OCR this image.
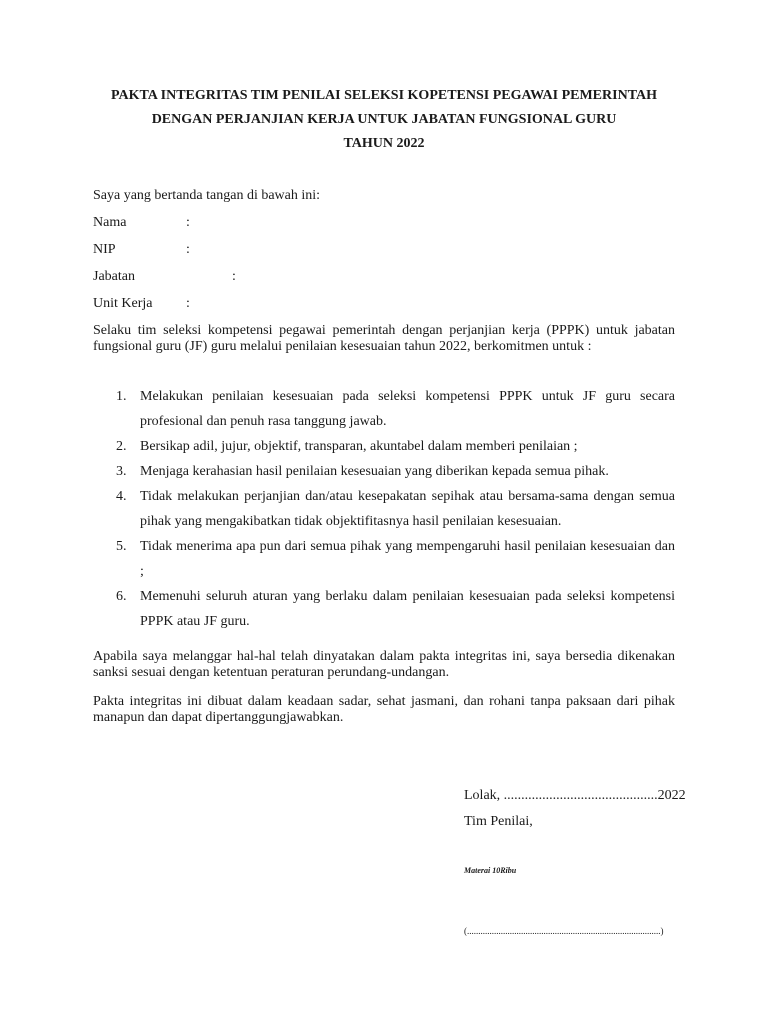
PAKTA INTEGRITAS TIM PENILAI SELEKSI KOPETENSI PEGAWAI PEMERINTAH
DENGAN PERJANJIAN KERJA UNTUK JABATAN FUNGSIONAL GURU
TAHUN 2022
Saya yang bertanda tangan di bawah ini:
Nama	:
NIP	:
Jabatan	:
Unit Kerja :
Selaku tim seleksi kompetensi pegawai pemerintah dengan perjanjian kerja (PPPK) untuk jabatan fungsional guru (JF) guru melalui penilaian kesesuaian tahun 2022, berkomitmen untuk :
1. Melakukan penilaian kesesuaian pada seleksi kompetensi PPPK untuk JF guru secara profesional dan penuh rasa tanggung jawab.
2. Bersikap adil, jujur, objektif, transparan, akuntabel dalam memberi penilaian ;
3. Menjaga kerahasian hasil penilaian kesesuaian yang diberikan kepada semua pihak.
4. Tidak melakukan perjanjian dan/atau kesepakatan sepihak atau bersama-sama dengan semua pihak yang mengakibatkan tidak objektifitasnya hasil penilaian kesesuaian.
5. Tidak menerima apa pun dari semua pihak yang mempengaruhi hasil penilaian kesesuaian dan ;
6. Memenuhi seluruh aturan yang berlaku dalam penilaian kesesuaian pada seleksi kompetensi PPPK atau JF guru.
Apabila saya melanggar hal-hal telah dinyatakan dalam pakta integritas ini, saya bersedia dikenakan sanksi sesuai dengan ketentuan peraturan perundang-undangan.
Pakta integritas ini dibuat dalam keadaan sadar, sehat jasmani, dan rohani tanpa paksaan dari pihak manapun dan dapat dipertanggungjawabkan.
Lolak, ............................................2022
Tim Penilai,
Materai 10Ribu
(......................................................................................)
